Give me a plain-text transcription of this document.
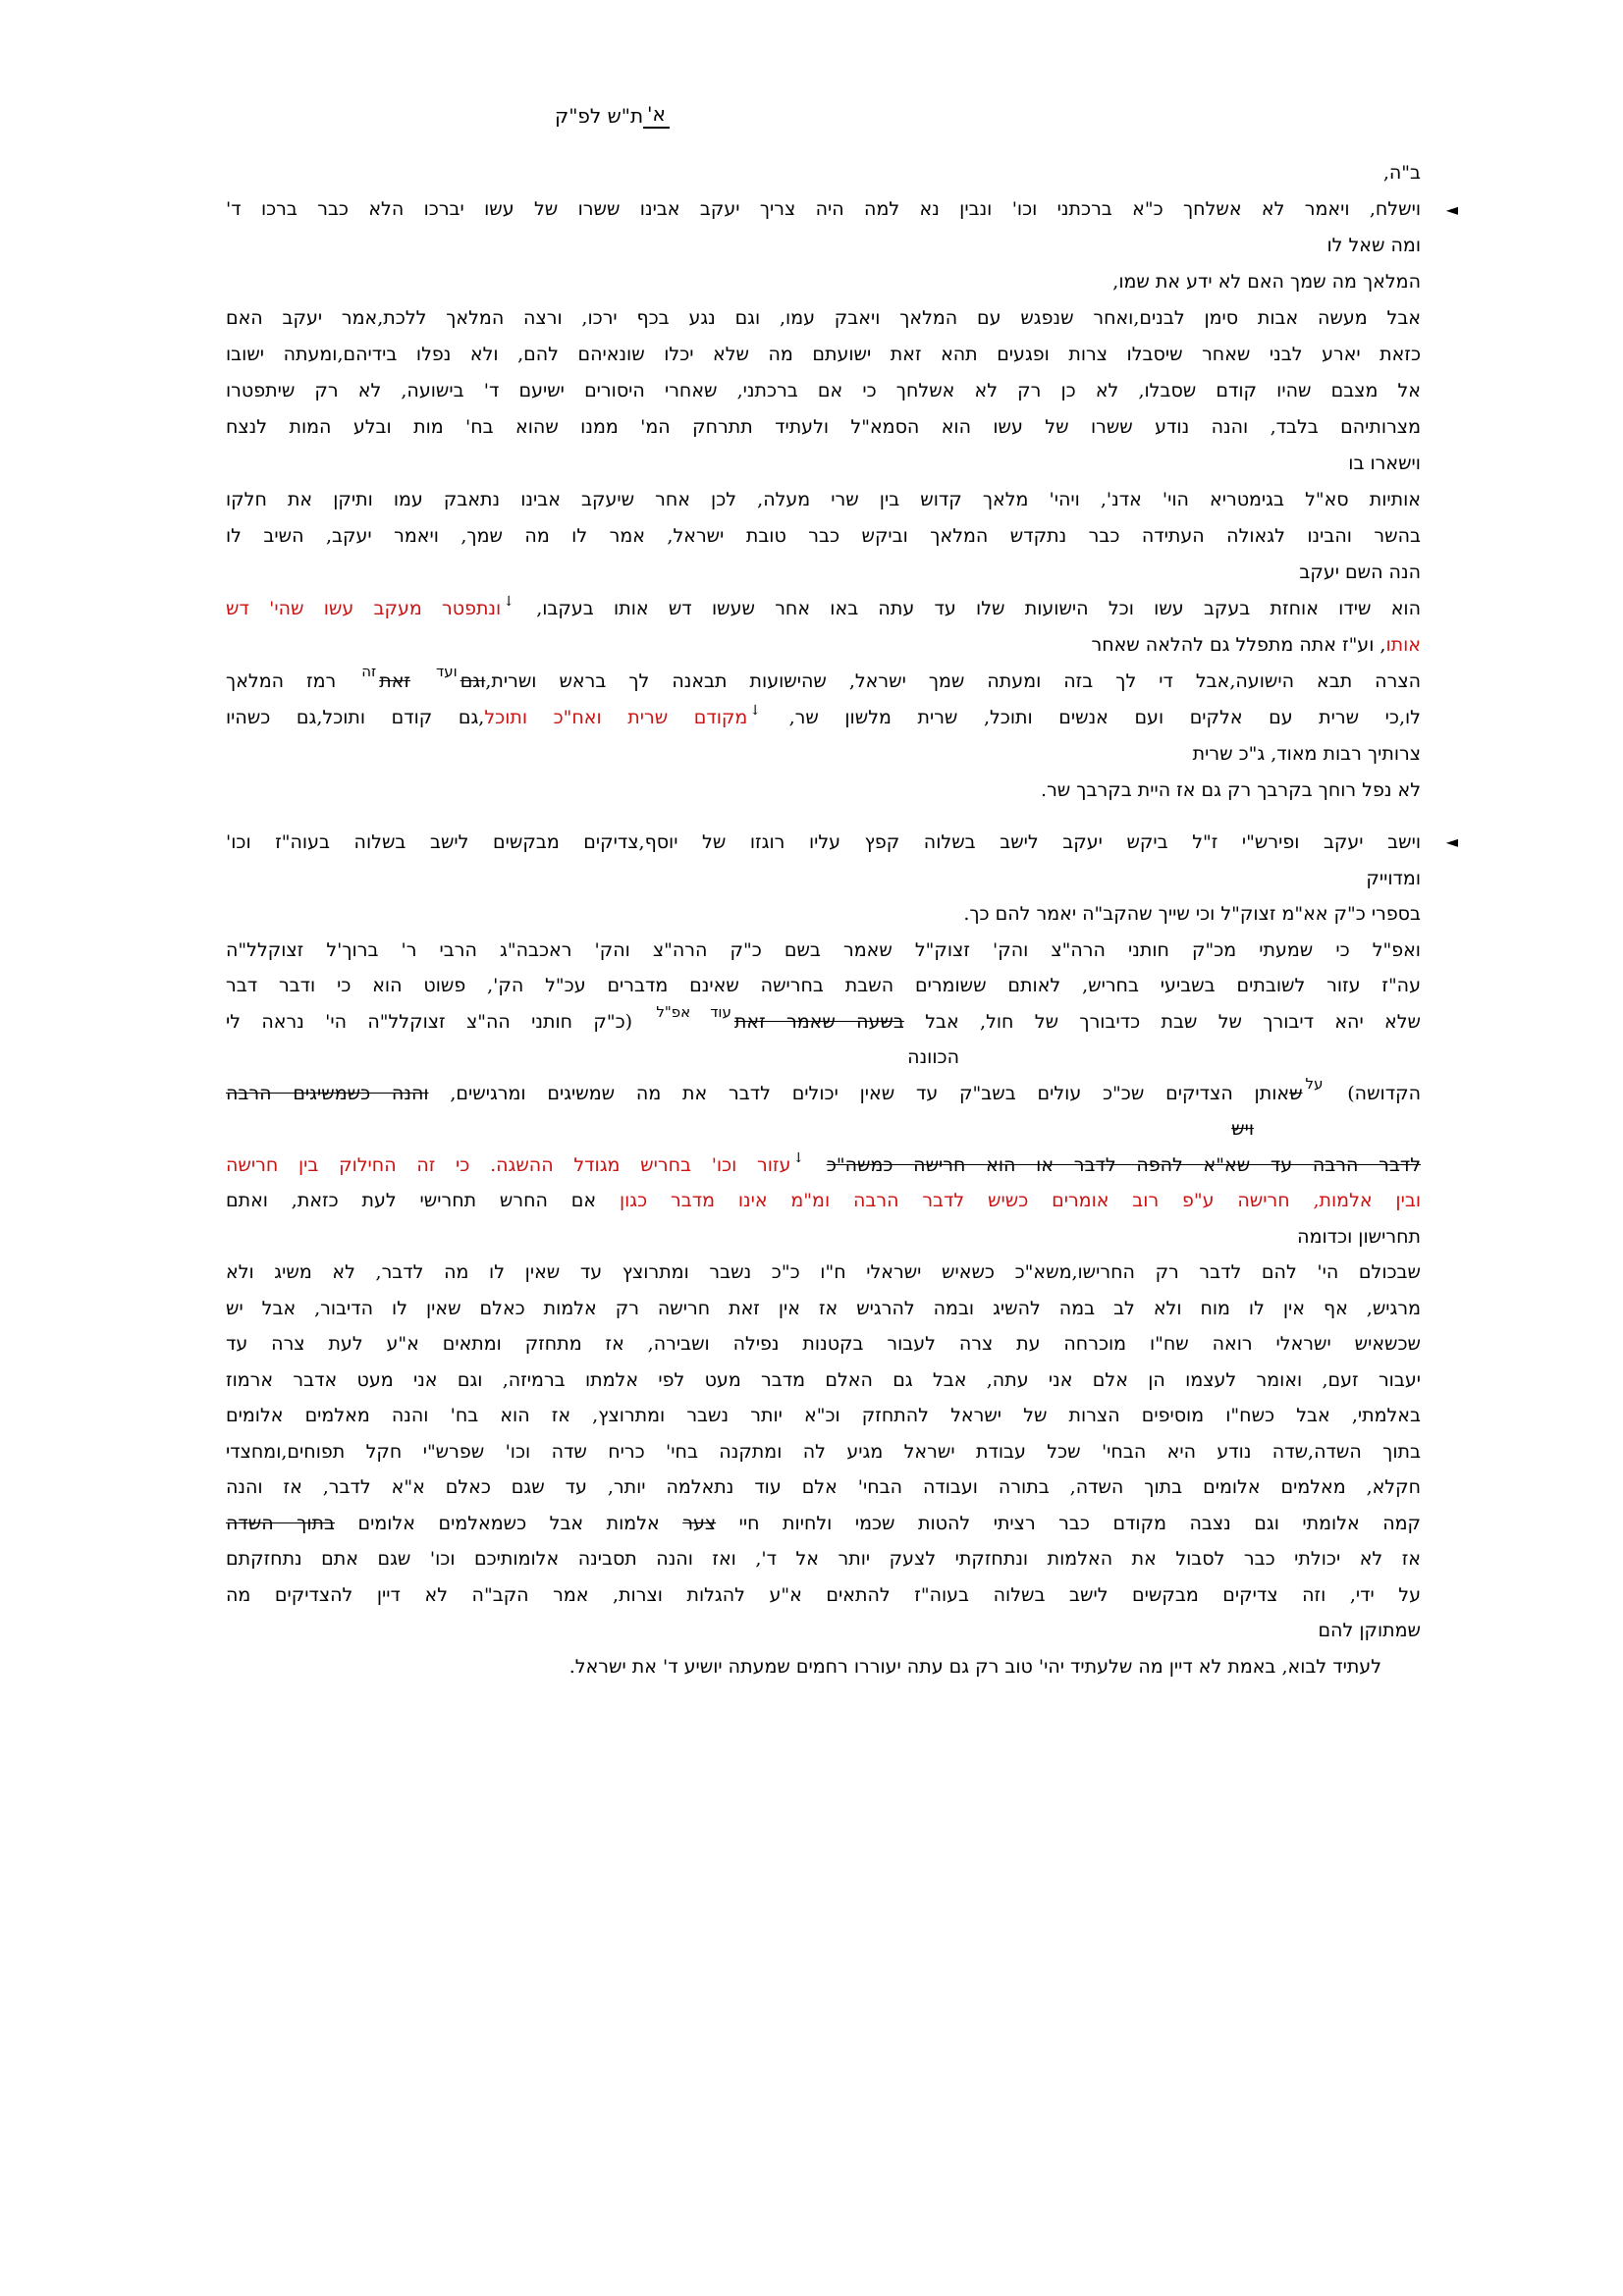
ת"ש לפ"ק א'
ב"ה,
◄
וישלח, ויאמר לא אשלחך כ"א ברכתני וכו' ונבין נא למה היה צריך יעקב אבינו ששרו של עשו יברכו הלא כבר ברכו ד'
ומה שאל לו
המלאך מה שמך האם לא ידע את שמו,
אבל מעשה אבות סימן לבנים,ואחר שנפגש עם המלאך ויאבק עמו, וגם נגע בכף ירכו, ורצה המלאך ללכת,אמר יעקב האם
כזאת יארע לבני שאחר שיסבלו צרות ופגעים תהא זאת ישועתם מה שלא יכלו שונאיהם להם, ולא נפלו בידיהם,ומעתה ישובו
אל מצבם שהיו קודם שסבלו, לא כן רק לא אשלחך כי אם ברכתני, שאחרי היסורים ישיעם ד' בישועה, לא רק שיתפטרו
מצרותיהם בלבד, והנה נודע ששרו של עשו הוא הסמא"ל ולעתיד תתרחק המ' ממנו שהוא בח' מות ובלע המות לנצח
וישארו בו
אותיות סא"ל בגימטריא הוי' אדנ', ויהי' מלאך קדוש בין שרי מעלה, לכן אחר שיעקב אבינו נתאבק עמו ותיקן את חלקו
בהשר והבינו לגאולה העתידה כבר נתקדש המלאך וביקש כבר טובת ישראל, אמר לו מה שמך, ויאמר יעקב, השיב לו
הנה השם יעקב
הוא שידו אוחזת בעקב עשו וכל הישועות שלו עד עתה באו אחר שעשו דש אותו בעקבו, ↓ונתפטר מעקב עשו שהי' דש
אותו, וע"ז אתה מתפלל גם להלאה שאחר
הצרה תבא הישועה,אבל די לך בזה ומעתה שמך ישראל, שהישועות תבאנה לך בראש ושרית,וגם$^{ועד}$ זאת$^{זה}$ רמז המלאך
לו,כי שרית עם אלקים ועם אנשים ותוכל, שרית מלשון שר, ↓מקודם שרית ואח"כ ותוכל,גם קודם ותוכל,גם כשהיו
צרותיך רבות מאוד, ג"כ שרית
לא נפל רוחך בקרבך רק גם אז היית בקרבך שר.
◄
וישב יעקב ופירש"י ז"ל ביקש יעקב לישב בשלוה קפץ עליו רוגזו של יוסף,צדיקים מבקשים לישב בשלוה בעוה"ז וכו'
ומדוייק
בספרי כ"ק אא"מ זצוק"ל וכי שייך שהקב"ה יאמר להם כך.
ואפ"ל כי שמעתי מכ"ק חותני הרה"צ והק' זצוק"ל שאמר בשם כ"ק הרה"צ והק' ראכבה"ג הרבי ר' ברוך'ל זצוקלל"ה
עה"ז עזור לשובתים בשביעי בחריש, לאותם ששומרים השבת בחרישה שאינם מדברים עכ"ל הק', פשוט הוא כי ודבר דבר
שלא יהא דיבורך של שבת כדיבורך של חול, אבל בשעה שאמר זאת$^{עוד אפ"ל}$ (כ"ק חותני הה"צ זצוקלל"ה הי' נראה לי
הכוונה
הקדושה) $^{על}$שאותן הצדיקים שכ"כ עולים בשב"ק עד שאין יכולים לדבר את מה שמשיגים ומרגישים, והנה כשמשיגים הרבה
ויש
לדבר הרבה עד שא"א להפה לדבר או הוא חרישה כמשה"כ ↓עזור וכו' בחריש מגודל ההשגה. כי זה החילוק בין חרישה
ובין אלמות, חרישה ע"פ רוב אומרים כשיש לדבר הרבה ומ"מ אינו מדבר כגון אם החרש תחרישי לעת כזאת, ואתם
תחרישון וכדומה
שבכולם הי' להם לדבר רק החרישו,משא"כ כשאיש ישראלי ח"ו כ"כ נשבר ומתרוצץ עד שאין לו מה לדבר, לא משיג ולא
מרגיש, אף אין לו מוח ולא לב במה להשיג ובמה להרגיש אז אין זאת חרישה רק אלמות כאלם שאין לו הדיבור, אבל יש
שכשאיש ישראלי רואה שח"ו מוכרחה עת צרה לעבור בקטנות נפילה ושבירה, אז מתחזק ומתאים א"ע לעת צרה עד
יעבור זעם, ואומר לעצמו הן אלם אני עתה, אבל גם האלם מדבר מעט לפי אלמתו ברמיזה, וגם אני מעט אדבר ארמוז
באלמתי, אבל כשח"ו מוסיפים הצרות של ישראל להתחזק וכ"א יותר נשבר ומתרוצץ, אז הוא בח' והנה מאלמים אלומים
בתוך השדה,שדה נודע היא הבחי' שכל עבודת ישראל מגיע לה ומתקנה בחי' כריח שדה וכו' שפרש"י חקל תפוחים,ומחצדי
חקלא, מאלמים אלומים בתוך השדה, בתורה ועבודה הבחי' אלם עוד נתאלמה יותר, עד שגם כאלם א"א לדבר, אז והנה
קמה אלומתי וגם נצבה מקודם כבר רציתי להטות שכמי ולחיות חיי צער אלמות אבל כשמאלמים אלומים בתוך השדה
אז לא יכולתי כבר לסבול את האלמות ונתחזקתי לצעק יותר אל ד', ואז והנה תסבינה אלומותיכם וכו' שגם אתם נתחזקתם
על ידי, וזה צדיקים מבקשים לישב בשלוה בעוה"ז להתאים א"ע להגלות וצרות, אמר הקב"ה לא דיין להצדיקים מה
שמתוקן להם
לעתיד לבוא, באמת לא דיין מה שלעתיד יהי' טוב רק גם עתה יעוררו רחמים שמעתה יושיע ד' את ישראל.
